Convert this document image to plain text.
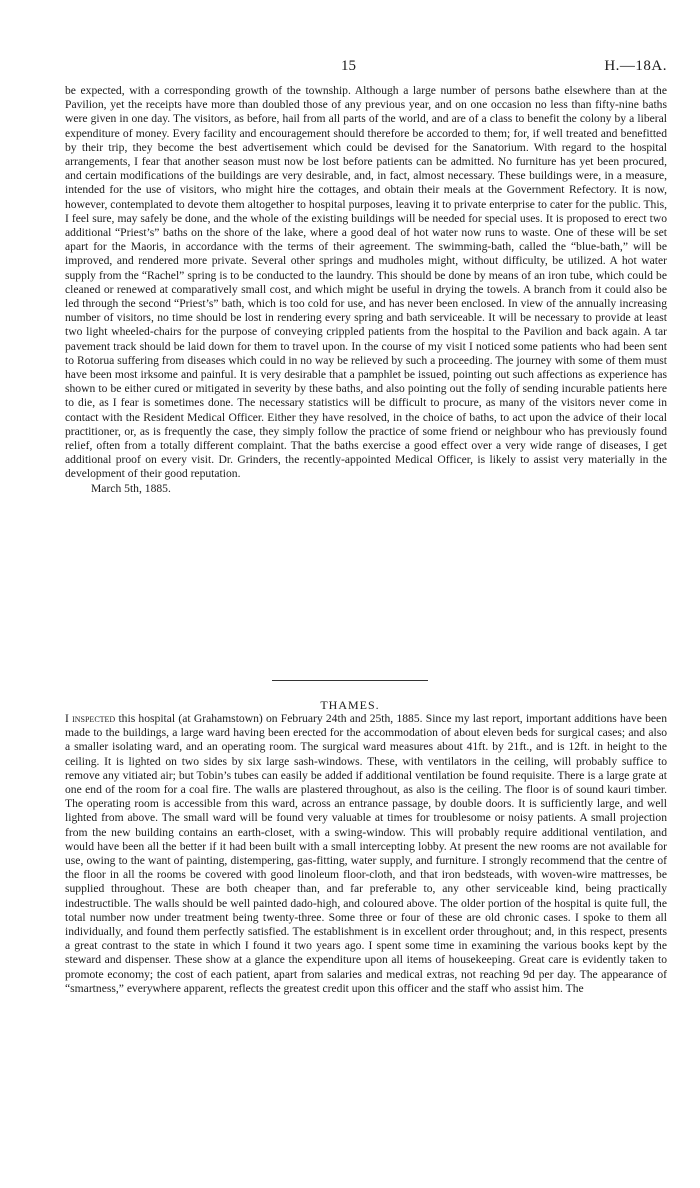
15	H.—18A.

be expected, with a corresponding growth of the township. Although a large number of persons bathe elsewhere than at the Pavilion, yet the receipts have more than doubled those of any previous year, and on one occasion no less than fifty-nine baths were given in one day. The visitors, as before, hail from all parts of the world, and are of a class to benefit the colony by a liberal expenditure of money. Every facility and encouragement should therefore be accorded to them; for, if well treated and benefitted by their trip, they become the best advertisement which could be devised for the Sanatorium. With regard to the hospital arrangements, I fear that another season must now be lost before patients can be admitted. No furniture has yet been procured, and certain modifications of the buildings are very desirable, and, in fact, almost necessary. These buildings were, in a measure, intended for the use of visitors, who might hire the cottages, and obtain their meals at the Government Refectory. It is now, however, contemplated to devote them altogether to hospital purposes, leaving it to private enterprise to cater for the public. This, I feel sure, may safely be done, and the whole of the existing buildings will be needed for special uses. It is proposed to erect two additional “Priest’s” baths on the shore of the lake, where a good deal of hot water now runs to waste. One of these will be set apart for the Maoris, in accordance with the terms of their agreement. The swimming-bath, called the “blue-bath,” will be improved, and rendered more private. Several other springs and mudholes might, without difficulty, be utilized. A hot water supply from the “Rachel” spring is to be conducted to the laundry. This should be done by means of an iron tube, which could be cleaned or renewed at comparatively small cost, and which might be useful in drying the towels. A branch from it could also be led through the second “Priest’s” bath, which is too cold for use, and has never been enclosed. In view of the annually increasing number of visitors, no time should be lost in rendering every spring and bath serviceable. It will be necessary to provide at least two light wheeled-chairs for the purpose of conveying crippled patients from the hospital to the Pavilion and back again. A tar pavement track should be laid down for them to travel upon. In the course of my visit I noticed some patients who had been sent to Rotorua suffering from diseases which could in no way be relieved by such a proceeding. The journey with some of them must have been most irksome and painful. It is very desirable that a pamphlet be issued, pointing out such affections as experience has shown to be either cured or mitigated in severity by these baths, and also pointing out the folly of sending incurable patients here to die, as I fear is sometimes done. The necessary statistics will be difficult to procure, as many of the visitors never come in contact with the Resident Medical Officer. Either they have resolved, in the choice of baths, to act upon the advice of their local practitioner, or, as is frequently the case, they simply follow the practice of some friend or neighbour who has previously found relief, often from a totally different complaint. That the baths exercise a good effect over a very wide range of diseases, I get additional proof on every visit. Dr. Grinders, the recently-appointed Medical Officer, is likely to assist very materially in the development of their good reputation.

March 5th, 1885.

THAMES.

I inspected this hospital (at Grahamstown) on February 24th and 25th, 1885. Since my last report, important additions have been made to the buildings, a large ward having been erected for the accommodation of about eleven beds for surgical cases; and also a smaller isolating ward, and an operating room. The surgical ward measures about 41ft. by 21ft., and is 12ft. in height to the ceiling. It is lighted on two sides by six large sash-windows. These, with ventilators in the ceiling, will probably suffice to remove any vitiated air; but Tobin’s tubes can easily be added if additional ventilation be found requisite. There is a large grate at one end of the room for a coal fire. The walls are plastered throughout, as also is the ceiling. The floor is of sound kauri timber. The operating room is accessible from this ward, across an entrance passage, by double doors. It is sufficiently large, and well lighted from above. The small ward will be found very valuable at times for troublesome or noisy patients. A small projection from the new building contains an earth-closet, with a swing-window. This will probably require additional ventilation, and would have been all the better if it had been built with a small intercepting lobby. At present the new rooms are not available for use, owing to the want of painting, distempering, gas-fitting, water supply, and furniture. I strongly recommend that the centre of the floor in all the rooms be covered with good linoleum floor-cloth, and that iron bedsteads, with woven-wire mattresses, be supplied throughout. These are both cheaper than, and far preferable to, any other serviceable kind, being practically indestructible. The walls should be well painted dado-high, and coloured above. The older portion of the hospital is quite full, the total number now under treatment being twenty-three. Some three or four of these are old chronic cases. I spoke to them all individually, and found them perfectly satisfied. The establishment is in excellent order throughout; and, in this respect, presents a great contrast to the state in which I found it two years ago. I spent some time in examining the various books kept by the steward and dispenser. These show at a glance the expenditure upon all items of housekeeping. Great care is evidently taken to promote economy; the cost of each patient, apart from salaries and medical extras, not reaching 9d per day. The appearance of “smartness,” everywhere apparent, reflects the greatest credit upon this officer and the staff who assist him. The
